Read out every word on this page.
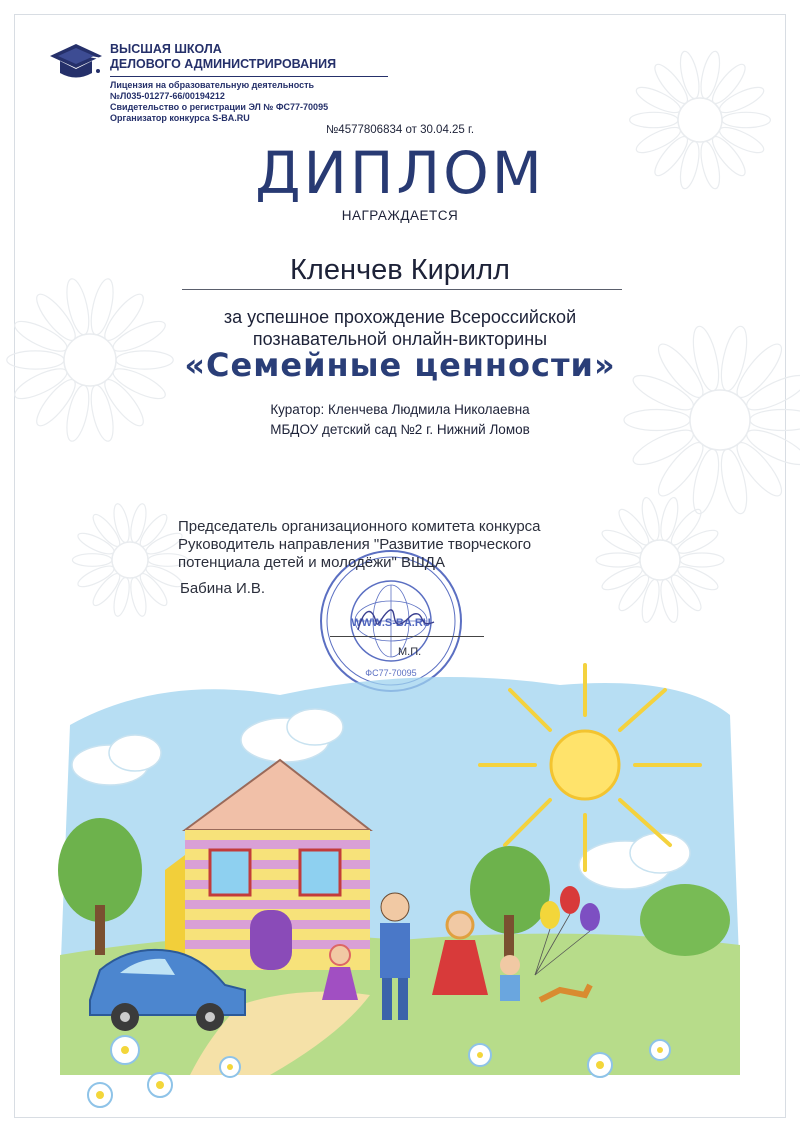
ВЫСШАЯ ШКОЛА
ДЕЛОВОГО АДМИНИСТРИРОВАНИЯ
Лицензия на образовательную деятельность
№Л035-01277-66/00194212
Свидетельство о регистрации ЭЛ № ФС77-70095
Организатор конкурса S-BA.RU
№4577806834 от 30.04.25 г.
ДИПЛОМ
НАГРАЖДАЕТСЯ
Кленчев Кирилл
за успешное прохождение Всероссийской
познавательной онлайн-викторины
«Семейные ценности»
Куратор: Кленчева Людмила Николаевна
МБДОУ детский сад №2 г. Нижний Ломов
WWW.S-BA.RU
ФС77-70095
Председатель организационного комитета конкурса
Руководитель направления "Развитие творческого
потенциала детей и молодёжи" ВШДА
Бабина И.В.
М.П.
